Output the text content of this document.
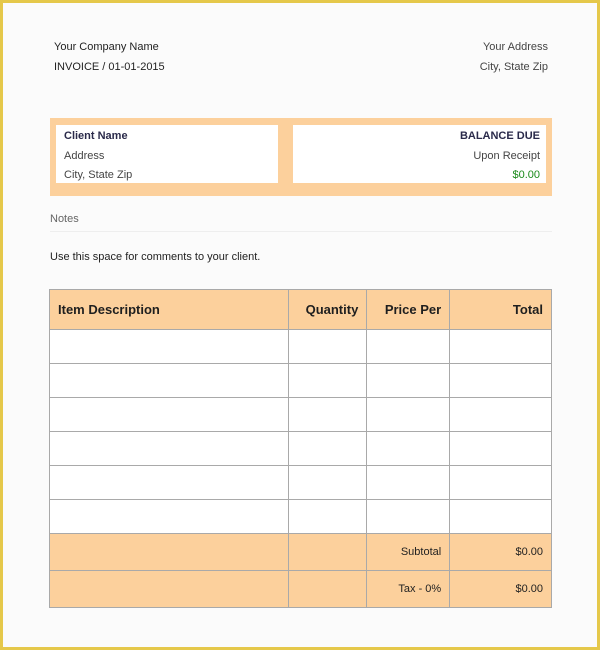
Your Company Name
INVOICE / 01-01-2015
Your Address
City, State Zip
Client Name
Address
City, State Zip
BALANCE DUE
Upon Receipt
$0.00
Notes
Use this space for comments to your client.
Item Description	Quantity	Price Per	Total

		Subtotal	$0.00
		Tax - 0%	$0.00
